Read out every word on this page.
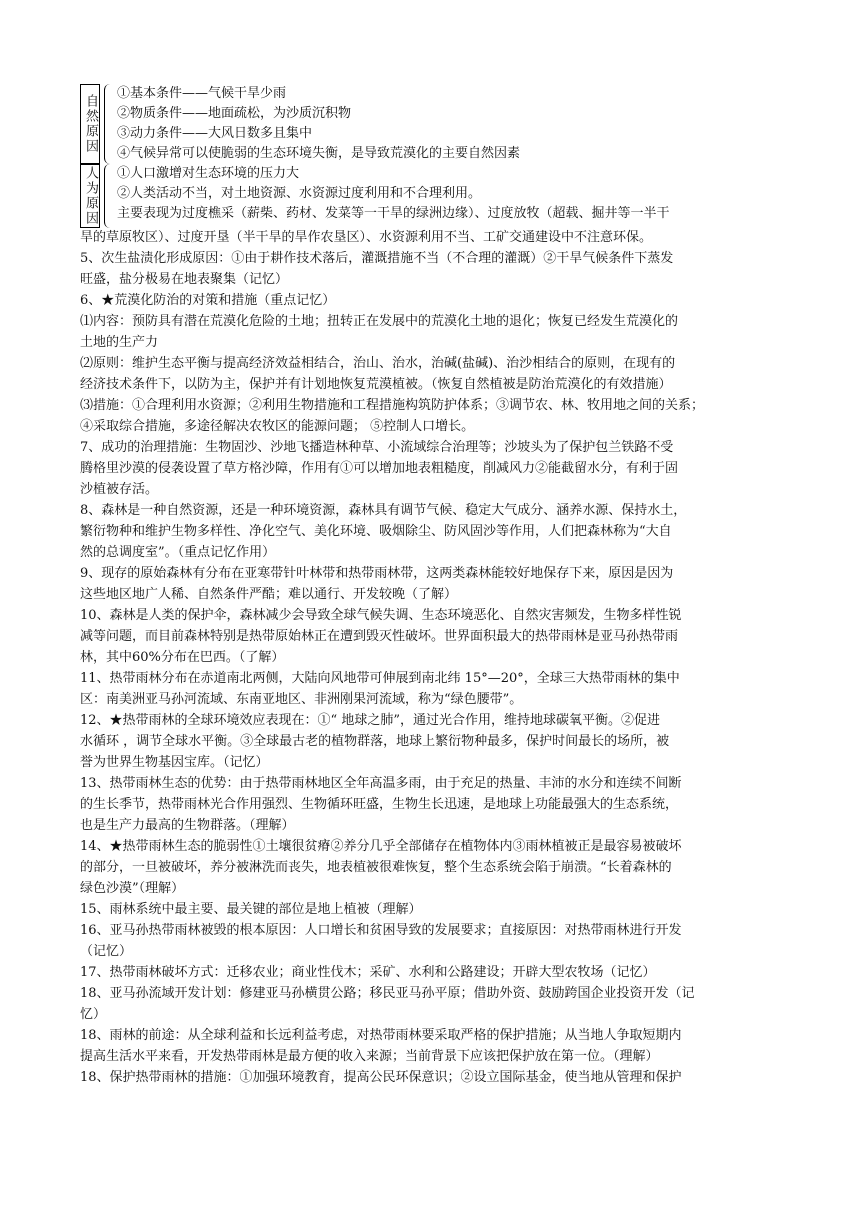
自然原因
①基本条件——气候干旱少雨
②物质条件——地面疏松，为沙质沉积物
③动力条件——大风日数多且集中
④气候异常可以使脆弱的生态环境失衡，是导致荒漠化的主要自然因素
人为原因 ①人口激增对生态环境的压力大
②人类活动不当，对土地资源、水资源过度利用和不合理利用。
主要表现为过度樵采（薪柴、药材、发菜等一干旱的绿洲边缘）、过度放牧（超载、掘井等一半干
旱的草原牧区）、过度开垦（半干旱的旱作农垦区）、水资源利用不当、工矿交通建设中不注意环保。
5、次生盐渍化形成原因：①由于耕作技术落后，灌溉措施不当（不合理的灌溉）②干旱气候条件下蒸发
旺盛，盐分极易在地表聚集（记忆）
6、★荒漠化防治的对策和措施（重点记忆）
⑴内容：预防具有潜在荒漠化危险的土地；扭转正在发展中的荒漠化土地的退化；恢复已经发生荒漠化的
土地的生产力
⑵原则：维护生态平衡与提高经济效益相结合，治山、治水，治碱(盐碱)、治沙相结合的原则，在现有的
经济技术条件下，以防为主，保护并有计划地恢复荒漠植被。（恢复自然植被是防治荒漠化的有效措施）
⑶措施：①合理利用水资源；②利用生物措施和工程措施构筑防护体系；③调节农、林、牧用地之间的关系；
④采取综合措施，多途径解决农牧区的能源问题； ⑤控制人口增长。
7、成功的治理措施：生物固沙、沙地飞播造林种草、小流域综合治理等；沙坡头为了保护包兰铁路不受
腾格里沙漠的侵袭设置了草方格沙障，作用有①可以增加地表粗糙度，削减风力②能截留水分，有利于固
沙植被存活。
8、森林是一种自然资源，还是一种环境资源，森林具有调节气候、稳定大气成分、涵养水源、保持水土，
繁衍物种和维护生物多样性、净化空气、美化环境、吸烟除尘、防风固沙等作用，人们把森林称为“大自
然的总调度室”。（重点记忆作用）
9、现存的原始森林有分布在亚寒带针叶林带和热带雨林带，这两类森林能较好地保存下来，原因是因为
这些地区地广人稀、自然条件严酷；难以通行、开发较晚（了解）
10、森林是人类的保护伞，森林减少会导致全球气候失调、生态环境恶化、自然灾害频发，生物多样性锐
减等问题，而目前森林特别是热带原始林正在遭到毁灭性破坏。世界面积最大的热带雨林是亚马孙热带雨
林，其中60%分布在巴西。（了解）
11、热带雨林分布在赤道南北两侧，大陆向风地带可伸展到南北纬 15°—20°，全球三大热带雨林的集中
区：南美洲亚马孙河流域、东南亚地区、非洲刚果河流域，称为“绿色腰带”。
12、★热带雨林的全球环境效应表现在：①“ 地球之肺”，通过光合作用，维持地球碳氧平衡。②促进
水循环 ，调节全球水平衡。③全球最古老的植物群落，地球上繁衍物种最多，保护时间最长的场所，被
誉为世界生物基因宝库。（记忆）
13、热带雨林生态的优势：由于热带雨林地区全年高温多雨，由于充足的热量、丰沛的水分和连续不间断
的生长季节，热带雨林光合作用强烈、生物循环旺盛，生物生长迅速，是地球上功能最强大的生态系统，
也是生产力最高的生物群落。（理解）
14、★热带雨林生态的脆弱性①土壤很贫瘠②养分几乎全部储存在植物体内③雨林植被正是最容易被破坏
的部分，一旦被破坏，养分被淋洗而丧失，地表植被很难恢复，整个生态系统会陷于崩溃。“长着森林的
绿色沙漠”（理解）
15、雨林系统中最主要、最关键的部位是地上植被（理解）
16、亚马孙热带雨林被毁的根本原因：人口增长和贫困导致的发展要求；直接原因：对热带雨林进行开发
（记忆）
17、热带雨林破坏方式：迁移农业；商业性伐木；采矿、水利和公路建设；开辟大型农牧场（记忆）
18、亚马孙流域开发计划：修建亚马孙横贯公路；移民亚马孙平原；借助外资、鼓励跨国企业投资开发（记
忆）
18、雨林的前途：从全球利益和长远利益考虑，对热带雨林要采取严格的保护措施；从当地人争取短期内
提高生活水平来看，开发热带雨林是最方便的收入来源；当前背景下应该把保护放在第一位。（理解）
18、保护热带雨林的措施：①加强环境教育，提高公民环保意识；②设立国际基金，使当地从管理和保护
